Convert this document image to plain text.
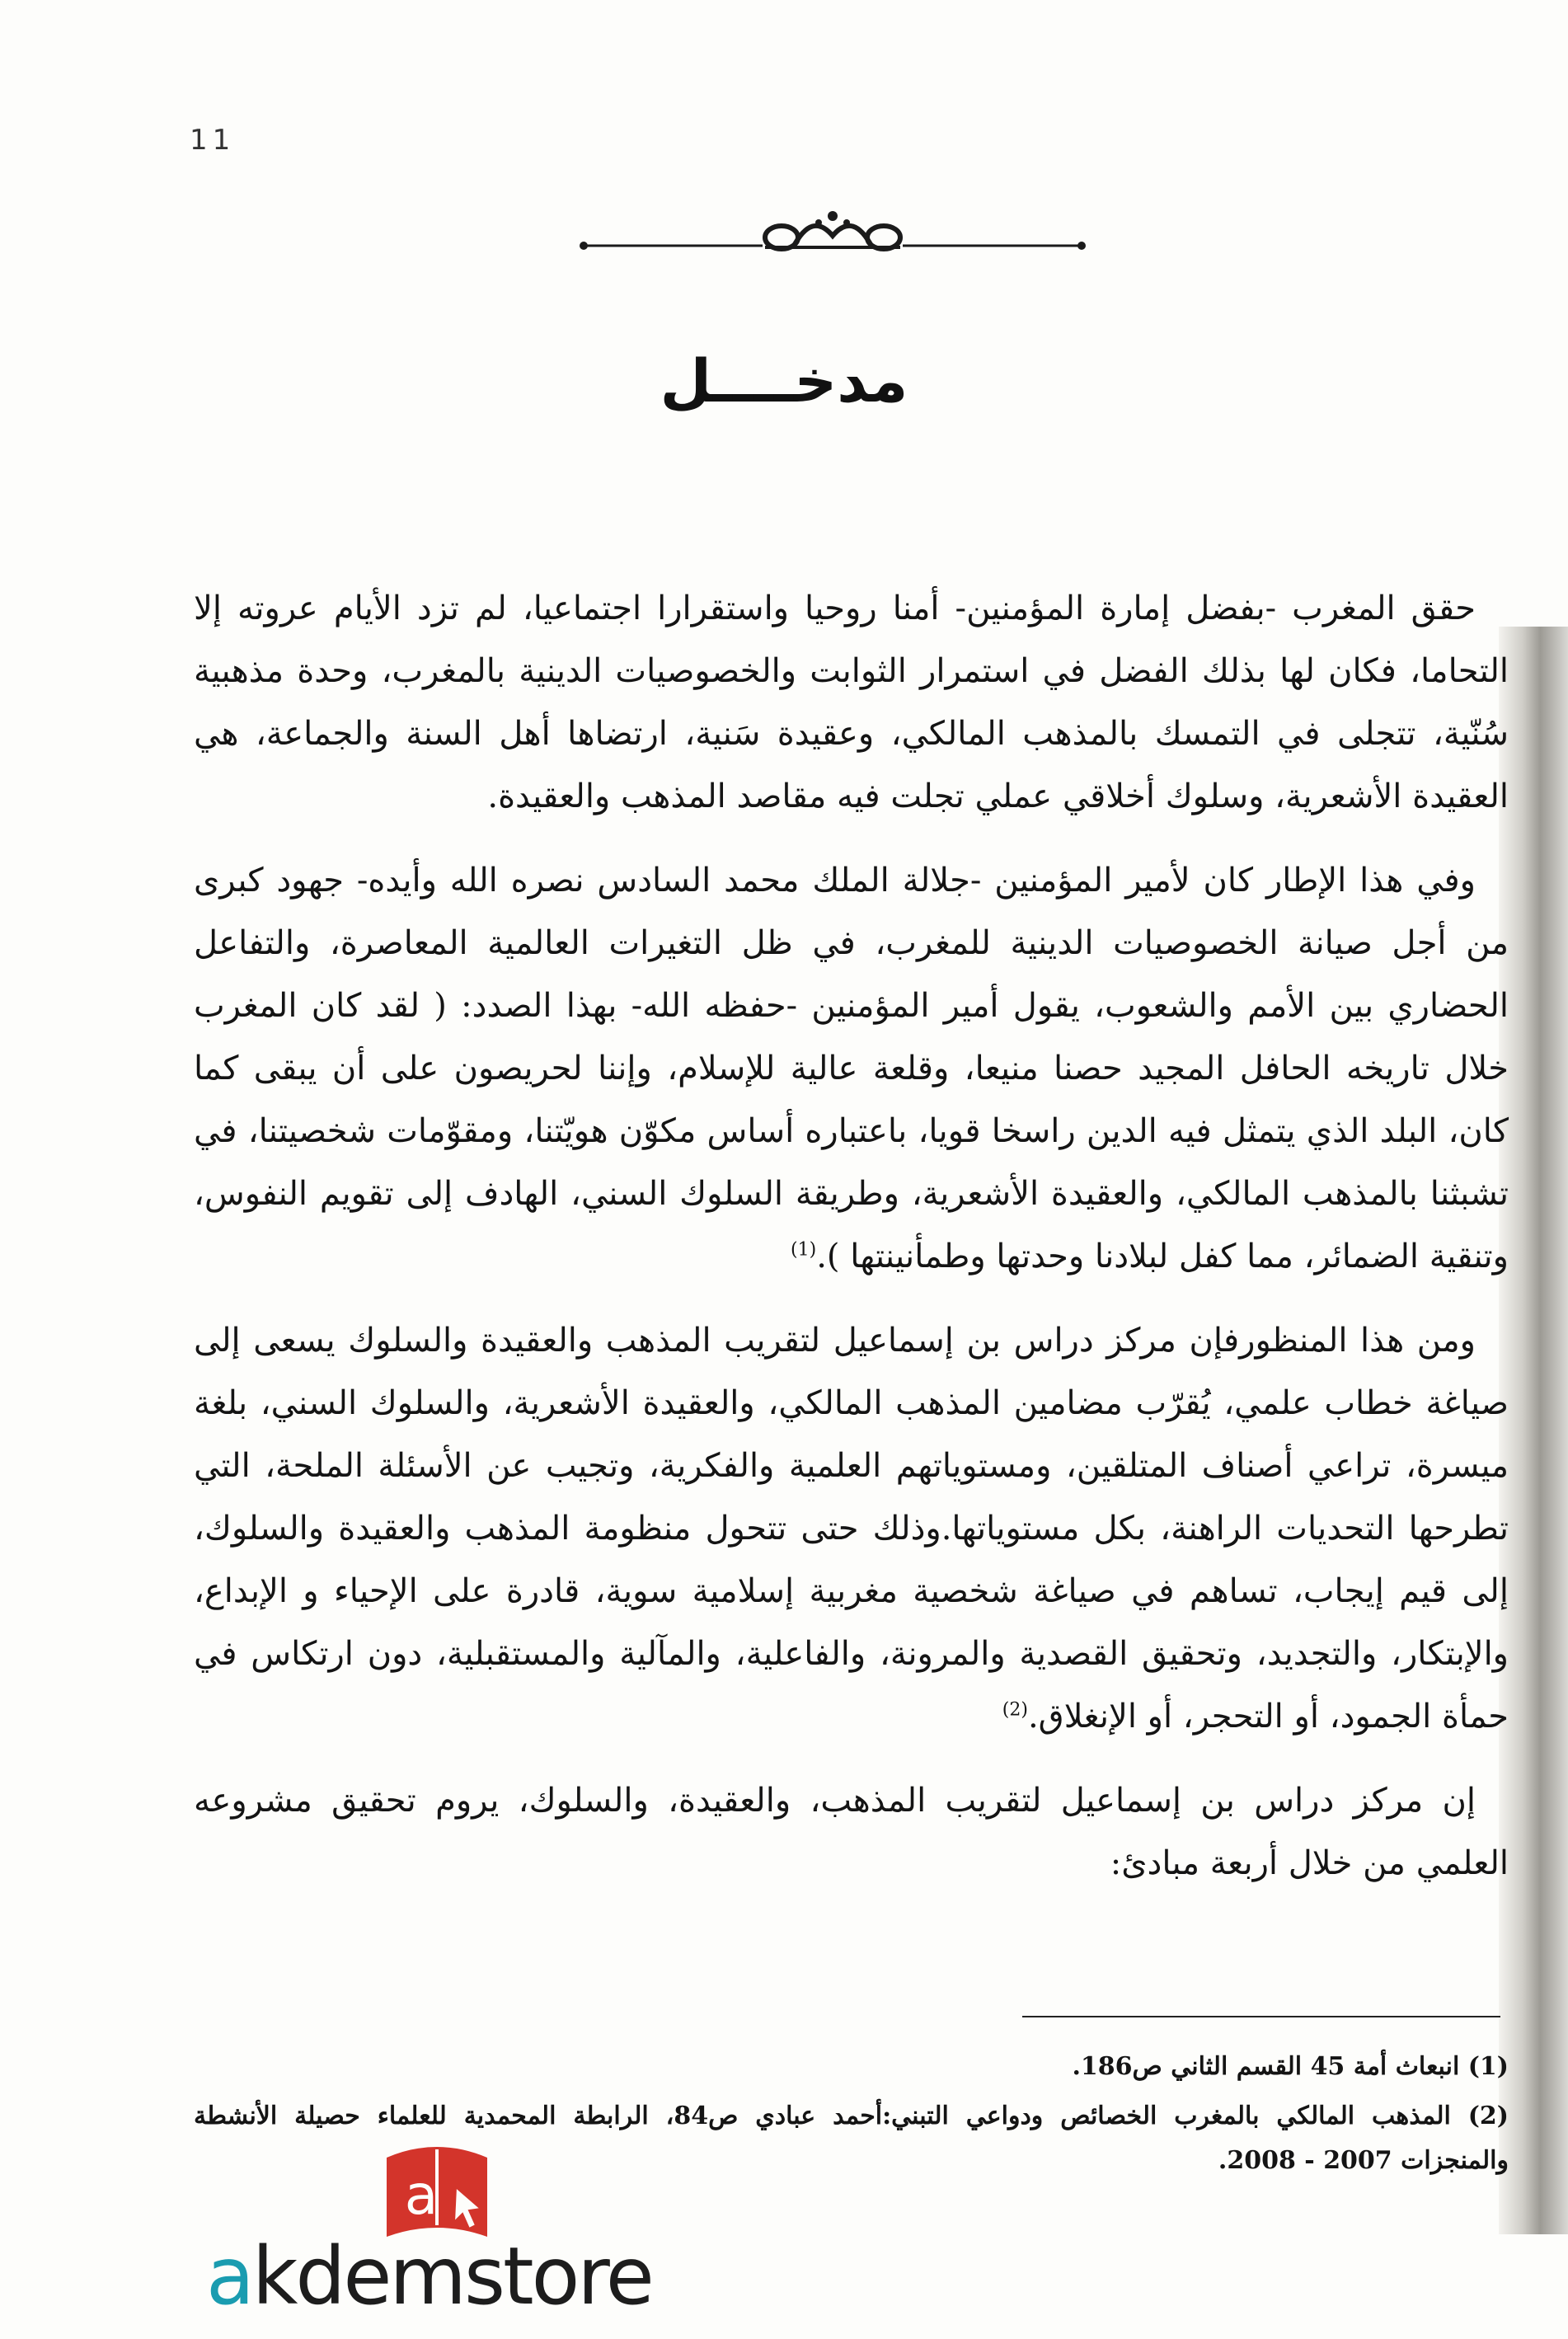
11
مدخــــل

حقق المغرب -بفضل إمارة المؤمنين- أمنا روحيا واستقرارا اجتماعيا، لم تزد الأيام عروته إلا التحاما، فكان لها بذلك الفضل في استمرار الثوابت والخصوصيات الدينية بالمغرب، وحدة مذهبية سُنّية، تتجلى في التمسك بالمذهب المالكي، وعقيدة سَنية، ارتضاها أهل السنة والجماعة، هي العقيدة الأشعرية، وسلوك أخلاقي عملي تجلت فيه مقاصد المذهب والعقيدة.

وفي هذا الإطار كان لأمير المؤمنين -جلالة الملك محمد السادس نصره الله وأيده- جهود كبرى من أجل صيانة الخصوصيات الدينية للمغرب، في ظل التغيرات العالمية المعاصرة، والتفاعل الحضاري بين الأمم والشعوب، يقول أمير المؤمنين -حفظه الله- بهذا الصدد: ( لقد كان المغرب خلال تاريخه الحافل المجيد حصنا منيعا، وقلعة عالية للإسلام، وإننا لحريصون على أن يبقى كما كان، البلد الذي يتمثل فيه الدين راسخا قويا، باعتباره أساس مكوّن هويّتنا، ومقوّمات شخصيتنا، في تشبثنا بالمذهب المالكي، والعقيدة الأشعرية، وطريقة السلوك السني، الهادف إلى تقويم النفوس، وتنقية الضمائر، مما كفل لبلادنا وحدتها وطمأنينتها ).$^{(1)}$

ومن هذا المنظورفإن مركز دراس بن إسماعيل لتقريب المذهب والعقيدة والسلوك يسعى إلى صياغة خطاب علمي، يُقرّب مضامين المذهب المالكي، والعقيدة الأشعرية، والسلوك السني، بلغة ميسرة، تراعي أصناف المتلقين، ومستوياتهم العلمية والفكرية، وتجيب عن الأسئلة الملحة، التي تطرحها التحديات الراهنة، بكل مستوياتها.وذلك حتى تتحول منظومة المذهب والعقيدة والسلوك، إلى قيم إيجاب، تساهم في صياغة شخصية مغربية إسلامية سوية، قادرة على الإحياء و الإبداع، والإبتكار، والتجديد، وتحقيق القصدية والمرونة، والفاعلية، والمآلية والمستقبلية، دون ارتكاس في حمأة الجمود، أو التحجر، أو الإنغلاق.$^{(2)}$

إن مركز دراس بن إسماعيل لتقريب المذهب، والعقيدة، والسلوك، يروم تحقيق مشروعه العلمي من خلال أربعة مبادئ:

(1) انبعاث أمة 45 القسم الثاني ص186.

(2) المذهب المالكي بالمغرب الخصائص ودواعي التبني:أحمد عبادي ص84، الرابطة المحمدية للعلماء حصيلة الأنشطة والمنجزات 2007 - 2008.

a
akdemstore
